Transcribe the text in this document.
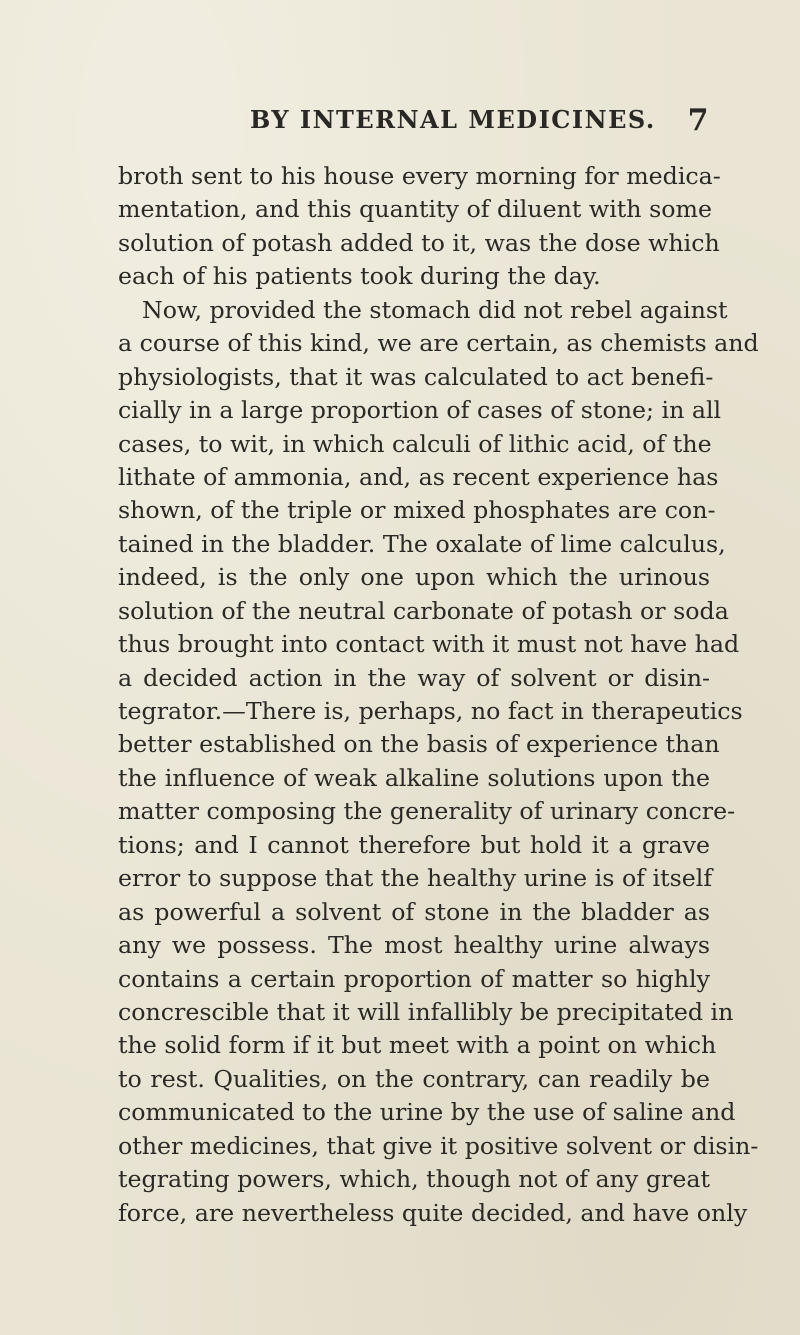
BY INTERNAL MEDICINES. 7
broth sent to his house every morning for medica-
mentation, and this quantity of diluent with some
solution of potash added to it, was the dose which
each of his patients took during the day.
Now, provided the stomach did not rebel against
a course of this kind, we are certain, as chemists and
physiologists, that it was calculated to act benefi-
cially in a large proportion of cases of stone; in all
cases, to wit, in which calculi of lithic acid, of the
lithate of ammonia, and, as recent experience has
shown, of the triple or mixed phosphates are con-
tained in the bladder. The oxalate of lime calculus,
indeed, is the only one upon which the urinous
solution of the neutral carbonate of potash or soda
thus brought into contact with it must not have had
a decided action in the way of solvent or disin-
tegrator.—There is, perhaps, no fact in therapeutics
better established on the basis of experience than
the influence of weak alkaline solutions upon the
matter composing the generality of urinary concre-
tions; and I cannot therefore but hold it a grave
error to suppose that the healthy urine is of itself
as powerful a solvent of stone in the bladder as
any we possess. The most healthy urine always
contains a certain proportion of matter so highly
concrescible that it will infallibly be precipitated in
the solid form if it but meet with a point on which
to rest. Qualities, on the contrary, can readily be
communicated to the urine by the use of saline and
other medicines, that give it positive solvent or disin-
tegrating powers, which, though not of any great
force, are nevertheless quite decided, and have only
